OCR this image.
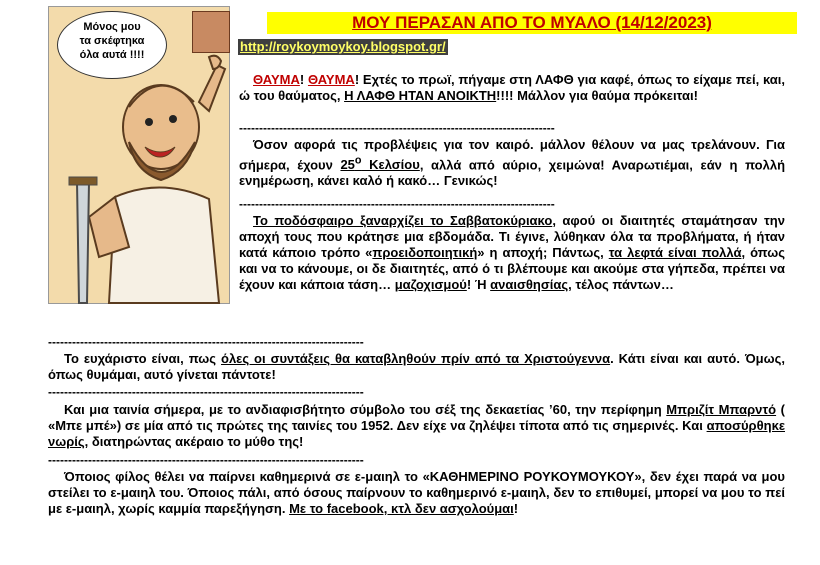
Μόνος μου
τα σκέφτηκα
όλα αυτά !!!!
ΜΟΥ ΠΕΡΑΣΑΝ ΑΠΟ ΤΟ ΜΥΑΛΟ (14/12/2023)
http://roykoymoykoy.blogspot.gr/
ΘΑΥΜΑ! ΘΑΥΜΑ! Εχτές το πρωϊ, πήγαμε στη ΛΑΦΘ για καφέ, όπως το είχαμε πεί, και, ώ του θαύματος, Η ΛΑΦΘ ΗΤΑΝ ΑΝΟΙΚΤΗ!!!! Μάλλον για θαύμα πρόκειται!
-------------------------------------------------------------------------------
Όσον αφορά τις προβλέψεις για τον καιρό. μάλλον θέλουν να μας τρελάνουν. Για σήμερα, έχουν $25^o$ Κελσίου, αλλά από αύριο, χειμώνα! Αναρωτιέμαι, εάν η πολλή ενημέρωση, κάνει καλό ή κακό… Γενικώς!
-------------------------------------------------------------------------------
Το ποδόσφαιρο ξαναρχίζει το Σαββατοκύριακο, αφού οι διαιτητές σταμάτησαν την αποχή τους που κράτησε μια εβδομάδα. Τι έγινε, λύθηκαν όλα τα προβλήματα, ή ήταν κατά κάποιο τρόπο «προειδοποιητική» η αποχή; Πάντως, τα λεφτά είναι πολλά, όπως και να το κάνουμε, οι δε διαιτητές, από ό τι βλέπουμε και ακούμε στα γήπεδα, πρέπει να έχουν και κάποια τάση… μαζοχισμού! Ή αναισθησίας, τέλος πάντων…
-------------------------------------------------------------------------------
Το ευχάριστο είναι, πως όλες οι συντάξεις θα καταβληθούν πρίν από τα Χριστούγεννα. Κάτι είναι και αυτό. Όμως, όπως θυμάμαι, αυτό γίνεται πάντοτε!
-------------------------------------------------------------------------------
Και μια ταινία σήμερα, με το ανδιαφισβήτητο σύμβολο του σέξ της δεκαετίας ’60, την περίφημη Μπριζίτ Μπαρντό ( «Μπε μπέ») σε μία από τις πρώτες της ταινίες του 1952. Δεν είχε να ζηλέψει τίποτα από τις σημερινές. Και αποσύρθηκε νωρίς, διατηρώντας ακέραιο το μύθο της!
-------------------------------------------------------------------------------
Όποιος φίλος θέλει να παίρνει καθημερινά σε ε-μαιηλ το «ΚΑΘΗΜΕΡΙΝΟ ΡΟΥΚΟΥΜΟΥΚΟΥ», δεν έχει παρά να μου στείλει το ε-μαιηλ του. Όποιος πάλι, από όσους παίρνουν το καθημερινό ε-μαιηλ, δεν το επιθυμεί, μπορεί να μου το πεί με ε-μαιηλ, χωρίς καμμία παρεξήγηση. Με το facebook, κτλ δεν ασχολούμαι!
